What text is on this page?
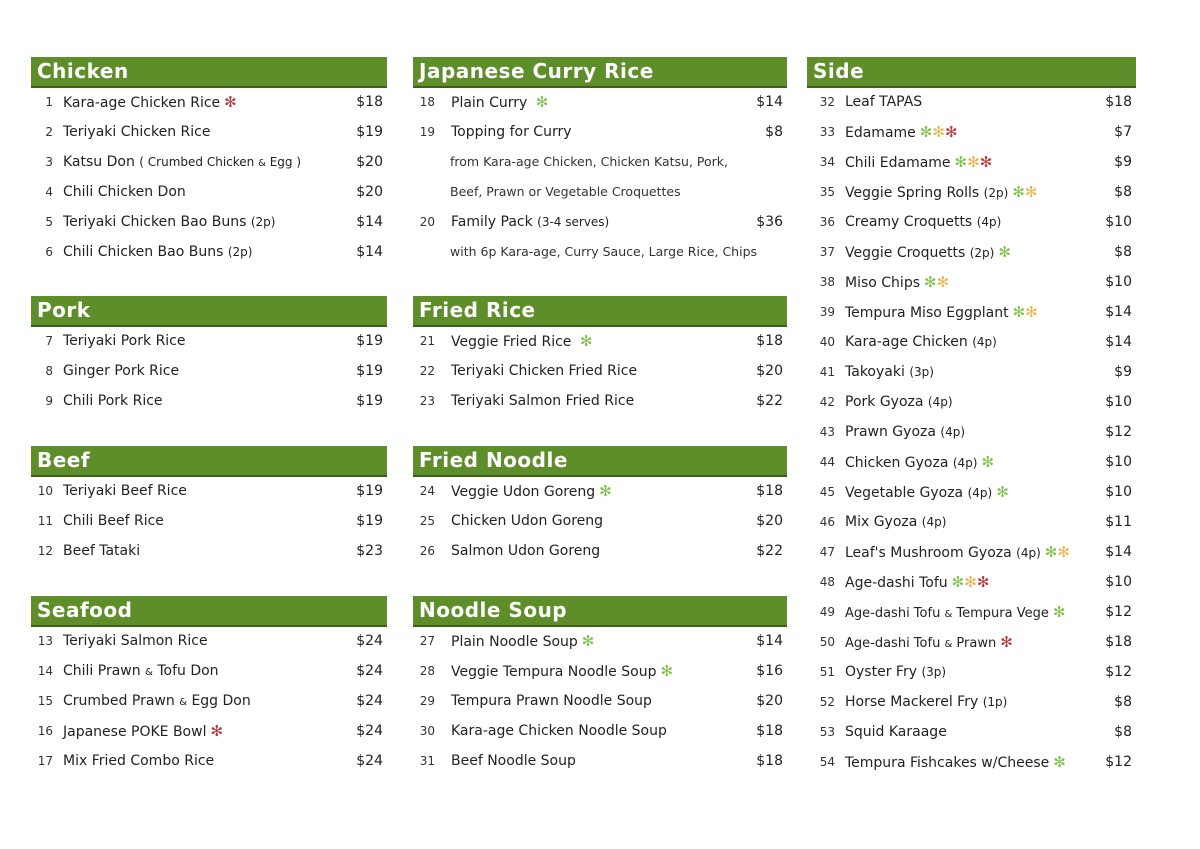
Chicken
1 Kara-age Chicken Rice ✻	$18
2 Teriyaki Chicken Rice	$19
3 Katsu Don ( Crumbed Chicken & Egg )	$20
4 Chili Chicken Don	$20
5 Teriyaki Chicken Bao Buns (2p)	$14
6 Chili Chicken Bao Buns (2p)	$14
Pork
7 Teriyaki Pork Rice	$19
8 Ginger Pork Rice	$19
9 Chili Pork Rice	$19
Beef
10 Teriyaki Beef Rice	$19
11 Chili Beef Rice	$19
12 Beef Tataki	$23
Seafood
13 Teriyaki Salmon Rice	$24
14 Chili Prawn & Tofu Don	$24
15 Crumbed Prawn & Egg Don	$24
16 Japanese POKE Bowl ✻	$24
17 Mix Fried Combo Rice	$24
Japanese Curry Rice
18 Plain Curry ✻	$14
19 Topping for Curry	$8
from Kara-age Chicken, Chicken Katsu, Pork,
Beef, Prawn or Vegetable Croquettes
20 Family Pack (3-4 serves)	$36
with 6p Kara-age, Curry Sauce, Large Rice, Chips
Fried Rice
21 Veggie Fried Rice ✻	$18
22 Teriyaki Chicken Fried Rice	$20
23 Teriyaki Salmon Fried Rice	$22
Fried Noodle
24 Veggie Udon Goreng ✻	$18
25 Chicken Udon Goreng	$20
26 Salmon Udon Goreng	$22
Noodle Soup
27 Plain Noodle Soup ✻	$14
28 Veggie Tempura Noodle Soup ✻	$16
29 Tempura Prawn Noodle Soup	$20
30 Kara-age Chicken Noodle Soup	$18
31 Beef Noodle Soup	$18
Side
32 Leaf TAPAS	$18
33 Edamame ✻✻✻	$7
34 Chili Edamame ✻✻✻	$9
35 Veggie Spring Rolls (2p) ✻✻	$8
36 Creamy Croquetts (4p)	$10
37 Veggie Croquetts (2p) ✻	$8
38 Miso Chips ✻✻	$10
39 Tempura Miso Eggplant ✻✻	$14
40 Kara-age Chicken (4p)	$14
41 Takoyaki (3p)	$9
42 Pork Gyoza (4p)	$10
43 Prawn Gyoza (4p)	$12
44 Chicken Gyoza (4p) ✻	$10
45 Vegetable Gyoza (4p) ✻	$10
46 Mix Gyoza (4p)	$11
47 Leaf's Mushroom Gyoza (4p) ✻✻	$14
48 Age-dashi Tofu ✻✻✻	$10
49 Age-dashi Tofu & Tempura Vege ✻	$12
50 Age-dashi Tofu & Prawn ✻	$18
51 Oyster Fry (3p)	$12
52 Horse Mackerel Fry (1p)	$8
53 Squid Karaage	$8
54 Tempura Fishcakes w/Cheese ✻	$12
